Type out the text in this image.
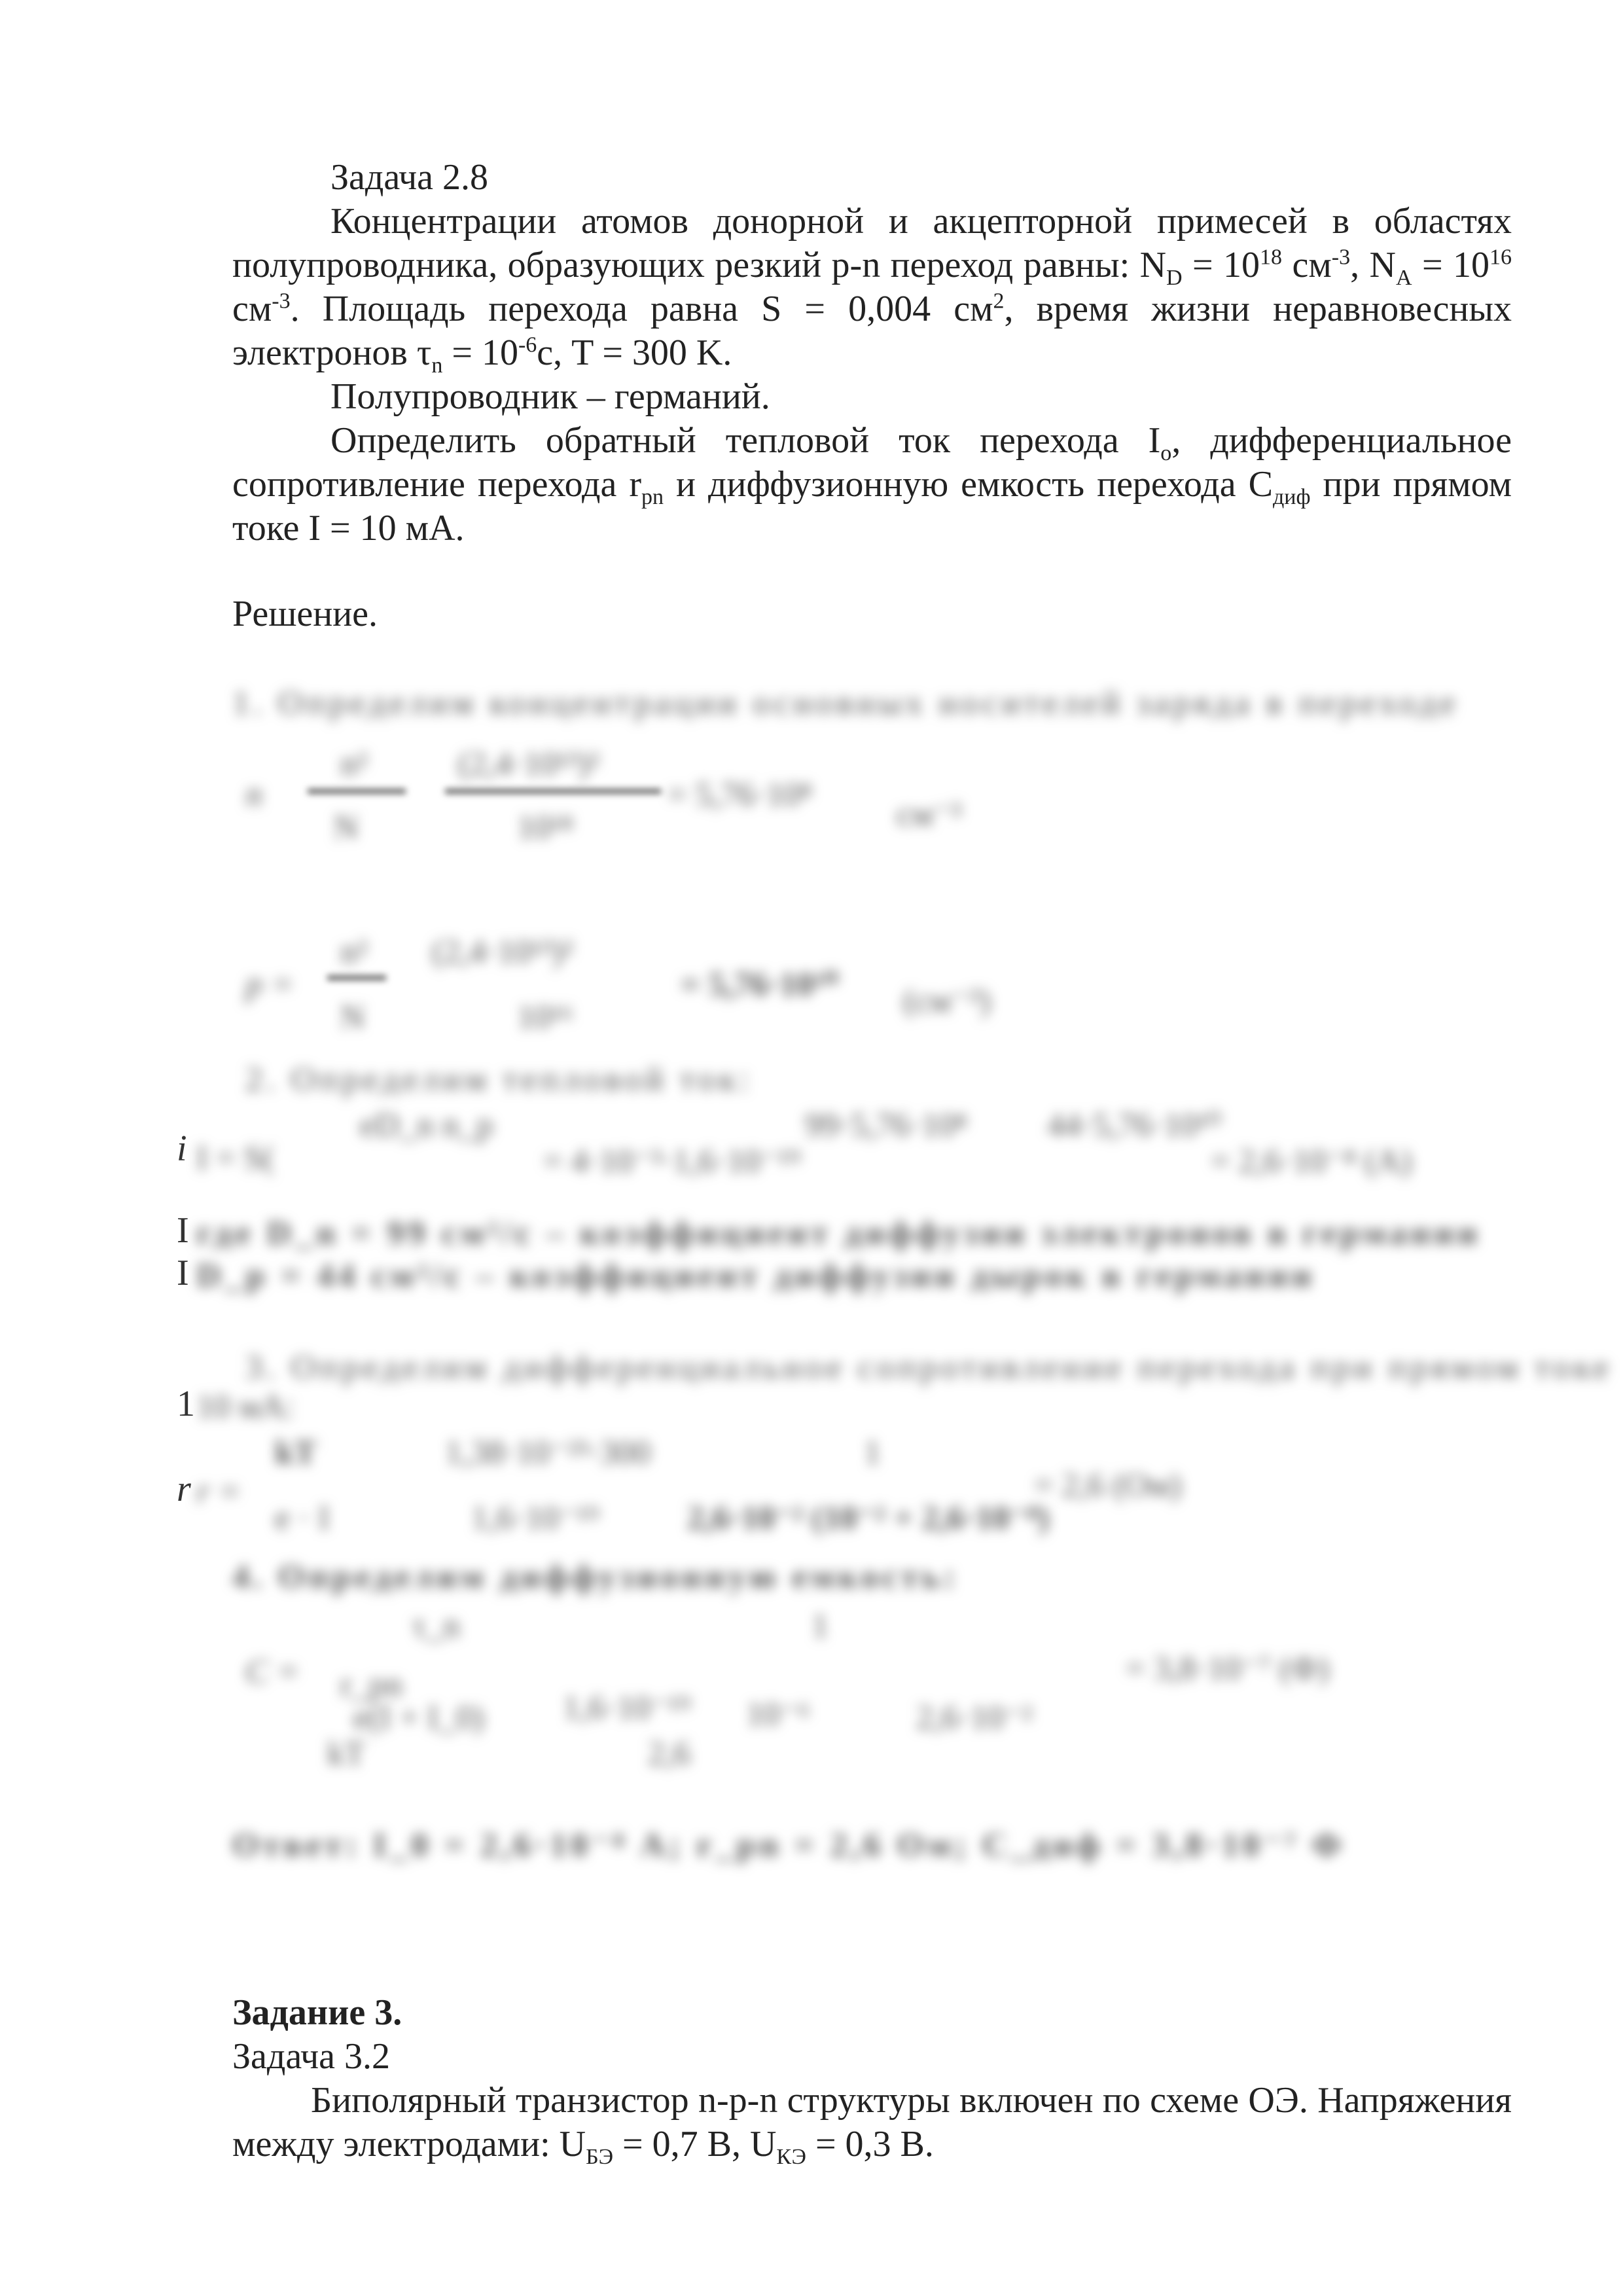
Задача 2.8
Концентрации атомов донорной и акцепторной примесей в областях полупроводника, образующих резкий p-n переход равны: $N_D = 10^{18}$ $см^{-3}$, $N_A = 10^{16}$ $см^{-3}$. Площадь перехода равна S = 0,004 $см^2$, время жизни неравновесных электронов $\tau_n = 10^{-6}с$, T = 300 K.
Полупроводник – германий.
Определить обратный тепловой ток перехода $I_o$, дифференциальное сопротивление перехода $r_{pn}$ и диффузионную емкость перехода $C_{диф}$ при прямом токе I = 10 мА.
Решение.
1. Определим концентрации основных носителей заряда в переходе
n
n²
N
(2,4·10¹³)²
10¹⁸
= 5,76·10⁸
см⁻³
p =
n²
N
(2,4·10¹³)²
10¹⁶
= 5,76·10¹⁰ (см⁻³)
2. Определим тепловой ток:
i I = S(
eD_n n_p
= 4·10⁻³·1,6·10⁻¹⁹
99·5,76·10⁸ 44·5,76·10¹⁰
= 2,6·10⁻⁸ (А)
I где D_n = 99 см²/с – коэффициент диффузии электронов в германии
I D_p = 44 см²/с – коэффициент диффузии дырок в германии
3. Определим дифференциальное сопротивление перехода при прямом токе
1 10 мА:
kT	1,38·10⁻²³·300	1
r r =
e · I	1,6·10⁻¹⁹	2,6·10⁻² (10⁻² + 2,6·10⁻⁸)
= 2,6 (Ом)
4. Определим диффузионную емкость:
τ_n	1
C = r_pn	= 3,8·10⁻⁷ (Ф)
e(I + I_0) 1,6·10⁻¹⁹ 10⁻⁶	2,6·10⁻²
kT	2,6
Ответ: I_0 = 2,6·10⁻⁸ А; r_pn = 2,6 Ом; C_диф = 3,8·10⁻⁷ Ф
Задание 3.
Задача 3.2
Биполярный транзистор n-p-n структуры включен по схеме ОЭ. Напряжения между электродами: $U_{БЭ} = 0,7$ В, $U_{КЭ} = 0,3$ В.
